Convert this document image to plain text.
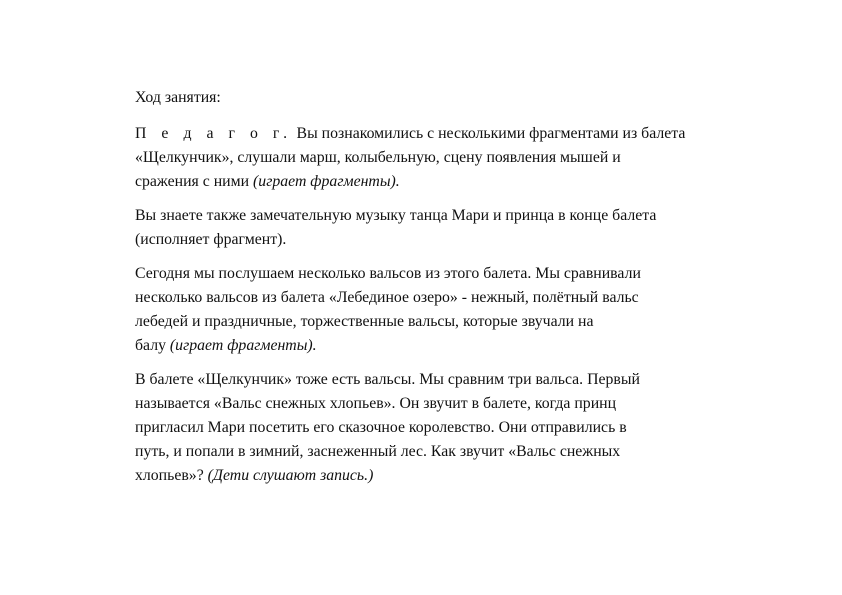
Ход занятия:

П е д а г о г. Вы познакомились с несколькими фрагментами из балета
«Щелкунчик», слушали марш, колыбельную, сцену появления мышей и
сражения с ними (играет фрагменты).

Вы знаете также замечательную музыку танца Мари и принца в конце балета
(исполняет фрагмент).

Сегодня мы послушаем несколько вальсов из этого балета. Мы сравнивали
несколько вальсов из балета «Лебединое озеро» - нежный, полётный вальс
лебедей и праздничные, торжественные вальсы, которые звучали на
балу (играет фрагменты).

В балете «Щелкунчик» тоже есть вальсы. Мы сравним три вальса. Первый
называется «Вальс снежных хлопьев». Он звучит в балете, когда принц
пригласил Мари посетить его сказочное королевство. Они отправились в
путь, и попали в зимний, заснеженный лес. Как звучит «Вальс снежных
хлопьев»? (Дети слушают запись.)
